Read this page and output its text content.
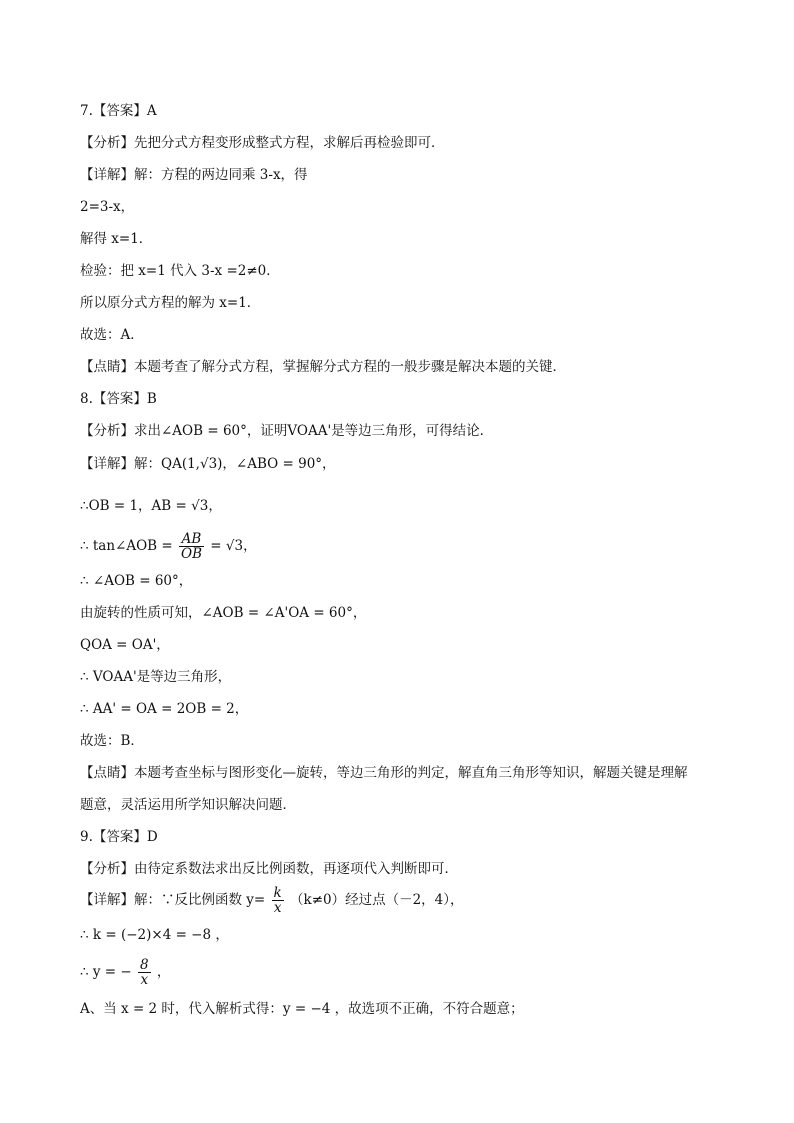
7.【答案】A
【分析】先把分式方程变形成整式方程，求解后再检验即可．
【详解】解：方程的两边同乘 3-x，得
2=3-x，
解得 x=1．
检验：把 x=1 代入 3-x =2≠0．
所以原分式方程的解为 x=1．
故选：A．
【点睛】本题考查了解分式方程，掌握解分式方程的一般步骤是解决本题的关键．
8.【答案】B
【分析】求出∠AOB = 60°，证明VOAA'是等边三角形，可得结论．
【详解】解：QA(1,√3)，∠ABO = 90°，
∴OB = 1，AB = √3，
∴ tan∠AOB = $\frac{AB}{OB} = √3$，
∴ ∠AOB = 60°，
由旋转的性质可知，∠AOB = ∠A'OA = 60°，
QOA = OA'，
∴ VOAA'是等边三角形，
∴ AA' = OA = 2OB = 2，
故选：B．
【点睛】本题考查坐标与图形变化—旋转，等边三角形的判定，解直角三角形等知识，解题关键是理解
题意，灵活运用所学知识解决问题．
9.【答案】D
【分析】由待定系数法求出反比例函数，再逐项代入判断即可．
【详解】解：∵反比例函数 $y= \frac{k}{x} (k\ne 0)$经过点（－2，4），
∴ k = (−2)×4 = −8 ，
∴ y = − $\frac{8}{x}$ ，
A、当 x = 2 时，代入解析式得：y = −4 ，故选项不正确，不符合题意；
